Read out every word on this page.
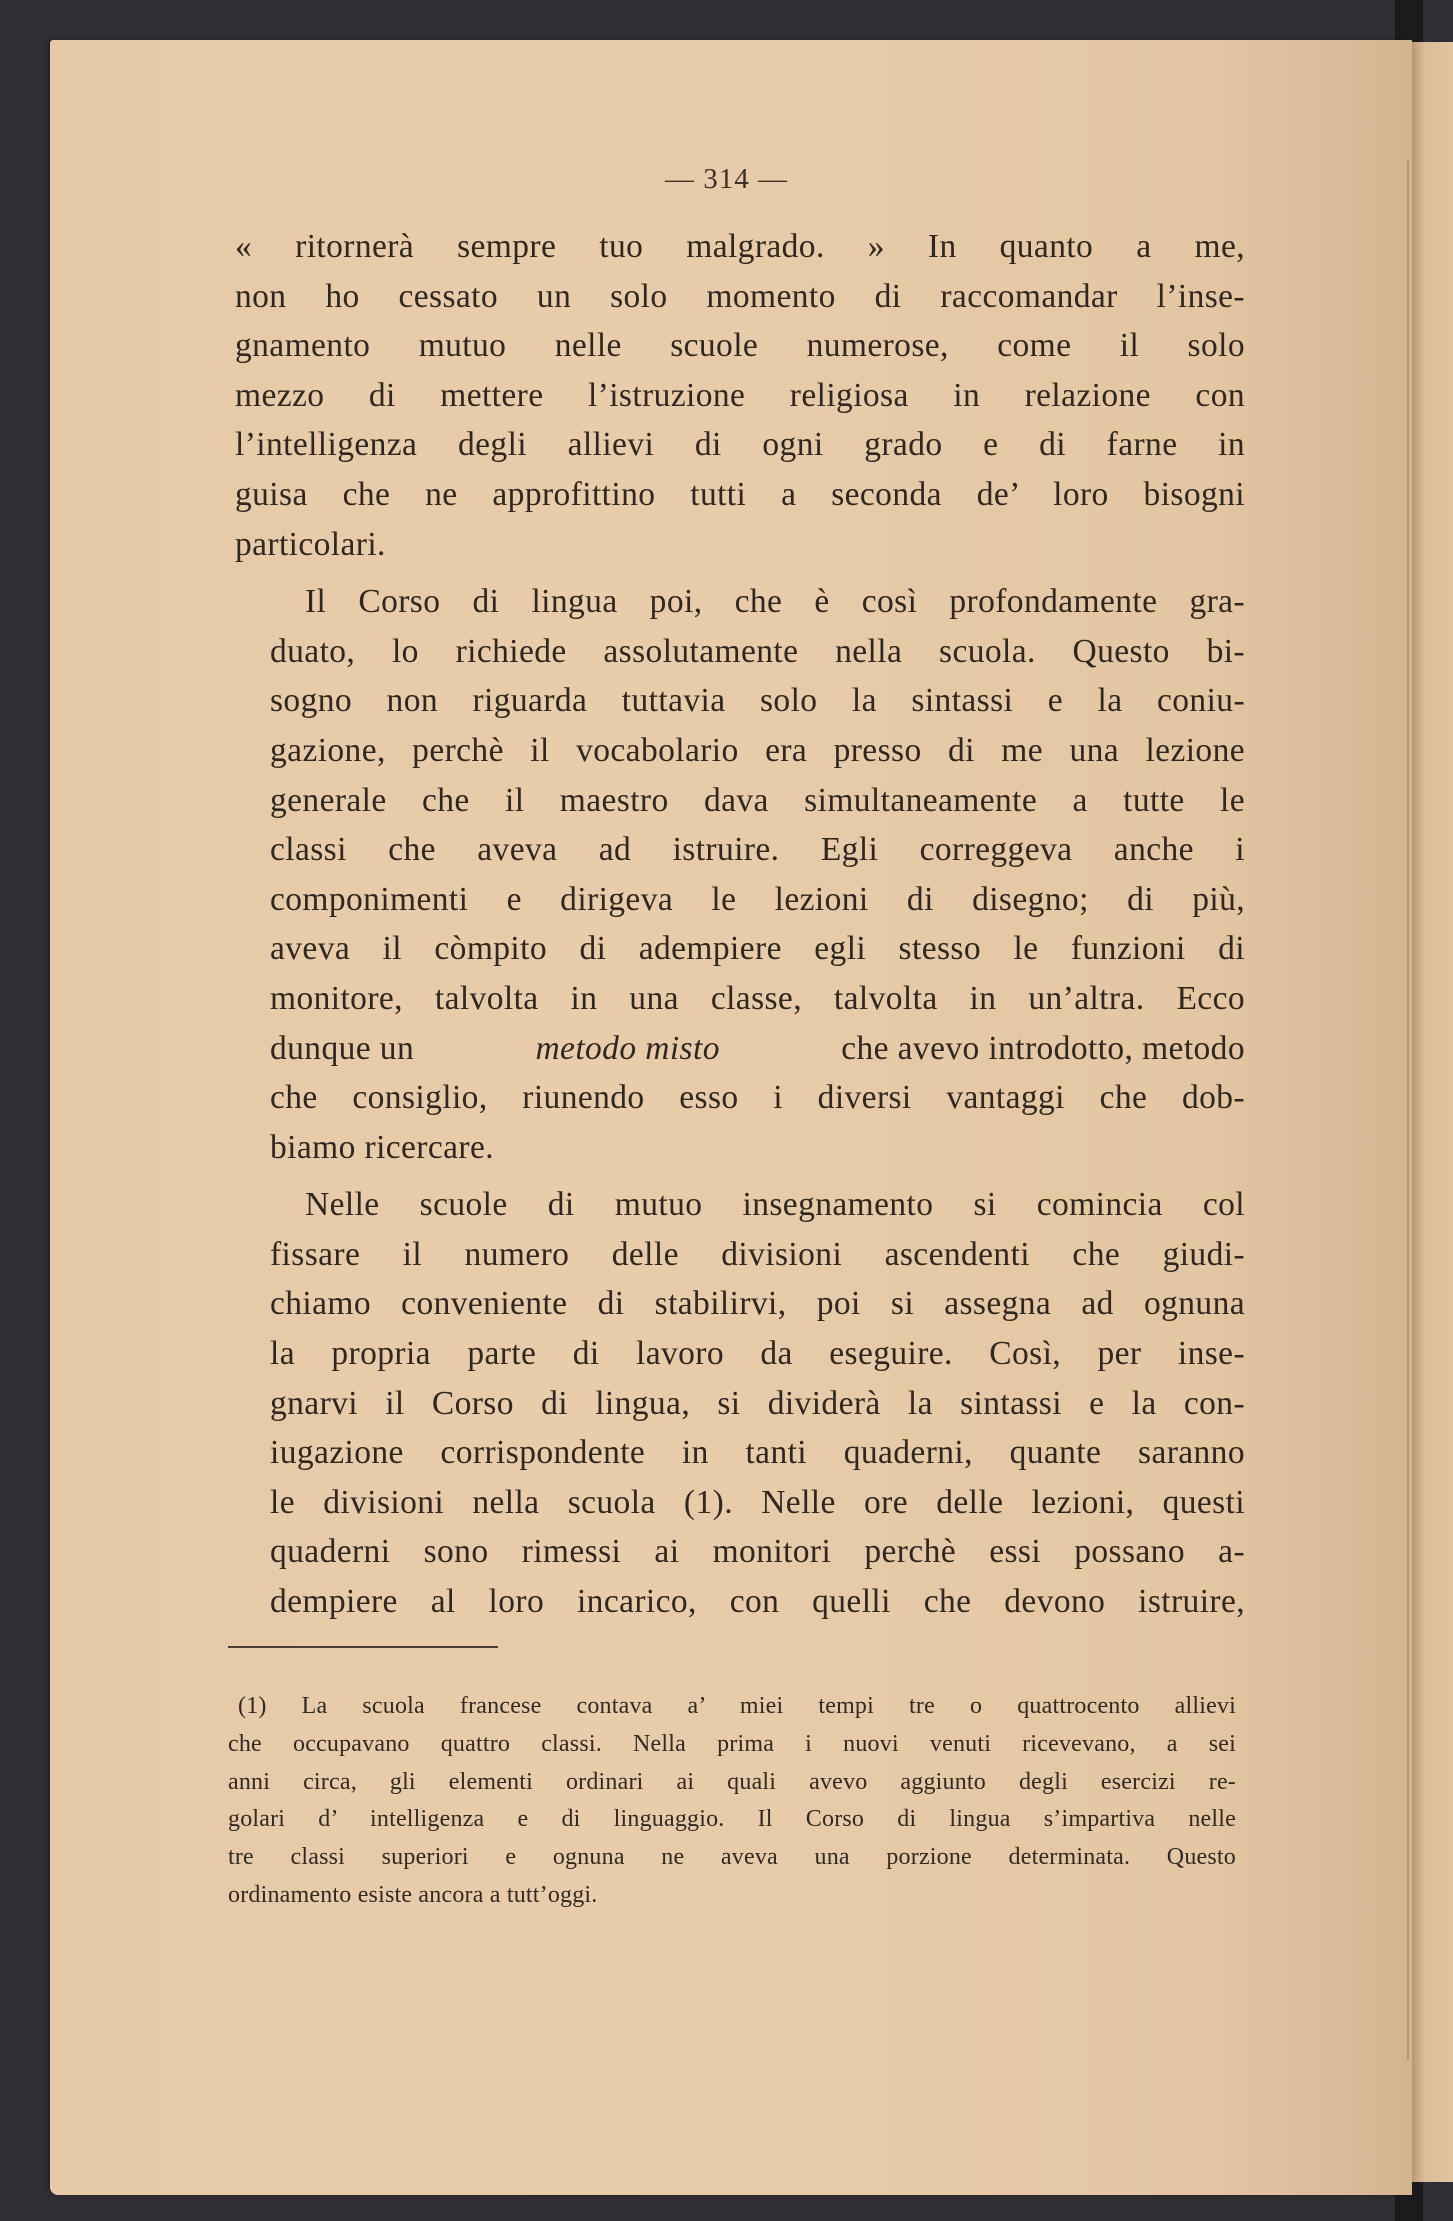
— 314 —

« ritornerà sempre tuo malgrado. » In quanto a me,
non ho cessato un solo momento di raccomandar l’inse-
gnamento mutuo nelle scuole numerose, come il solo
mezzo di mettere l’istruzione religiosa in relazione con
l’intelligenza degli allievi di ogni grado e di farne in
guisa che ne approfittino tutti a seconda de’ loro bisogni
particolari.

Il Corso di lingua poi, che è così profondamente gra-
duato, lo richiede assolutamente nella scuola. Questo bi-
sogno non riguarda tuttavia solo la sintassi e la coniu-
gazione, perchè il vocabolario era presso di me una lezione
generale che il maestro dava simultaneamente a tutte le
classi che aveva ad istruire. Egli correggeva anche i
componimenti e dirigeva le lezioni di disegno; di più,
aveva il còmpito di adempiere egli stesso le funzioni di
monitore, talvolta in una classe, talvolta in un’altra. Ecco
dunque un	metodo misto	che avevo introdotto, metodo
che consiglio, riunendo esso i diversi vantaggi che dob-
biamo ricercare.

Nelle scuole di mutuo insegnamento si comincia col
fissare il numero delle divisioni ascendenti che giudi-
chiamo conveniente di stabilirvi, poi si assegna ad ognuna
la propria parte di lavoro da eseguire. Così, per inse-
gnarvi il Corso di lingua, si dividerà la sintassi e la con-
iugazione corrispondente in tanti quaderni, quante saranno
le divisioni nella scuola (1). Nelle ore delle lezioni, questi
quaderni sono rimessi ai monitori perchè essi possano a-
dempiere al loro incarico, con quelli che devono istruire,

(1) La scuola francese contava a’ miei tempi tre o quattrocento allievi
che occupavano quattro classi. Nella prima i nuovi venuti ricevevano, a sei
anni circa, gli elementi ordinari ai quali avevo aggiunto degli esercizi re-
golari d’ intelligenza e di linguaggio. Il Corso di lingua s’impartiva nelle
tre classi superiori e ognuna ne aveva una porzione determinata. Questo
ordinamento esiste ancora a tutt’oggi.
